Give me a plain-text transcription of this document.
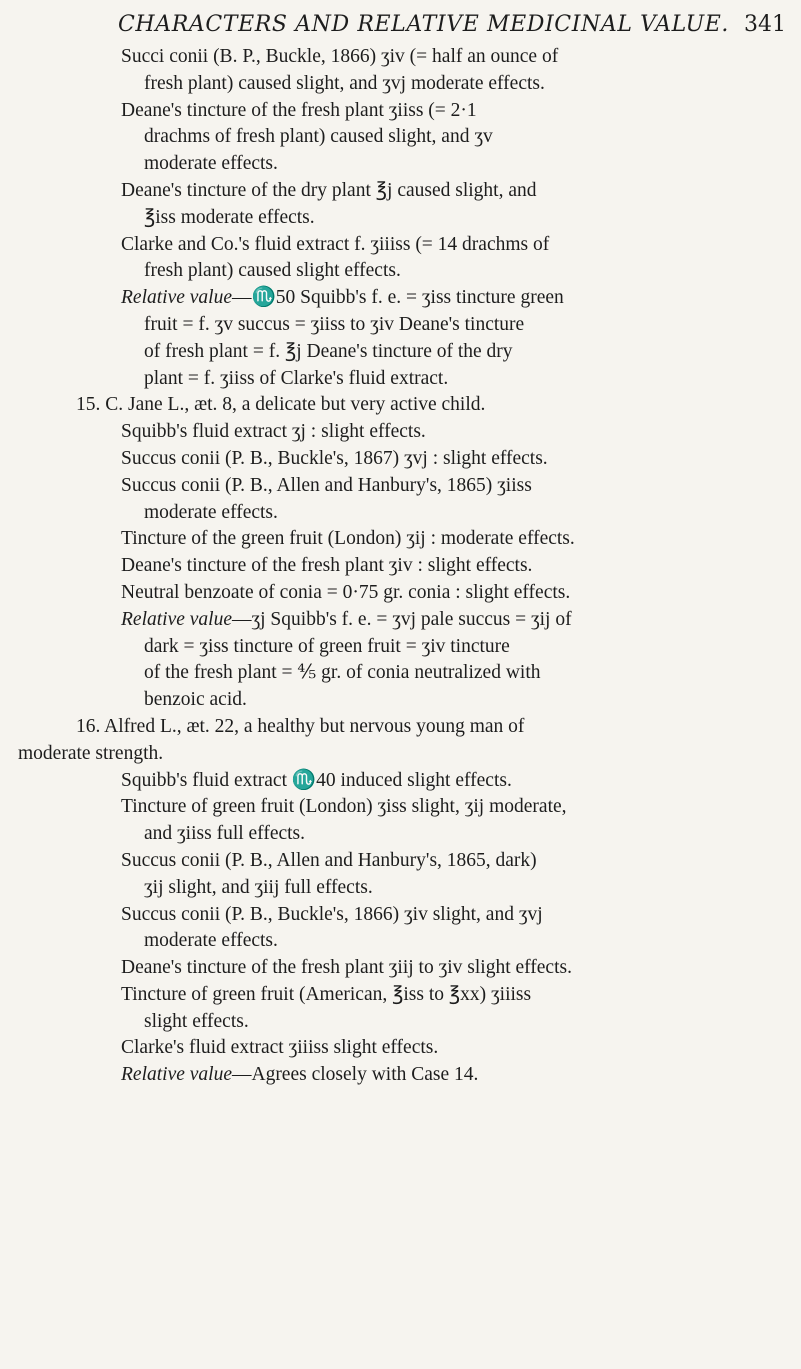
CHARACTERS AND RELATIVE MEDICINAL VALUE. 341
Succi conii (B. P., Buckle, 1866) ʒiv (= half an ounce of
fresh plant) caused slight, and ʒvj moderate effects.
Deane's tincture of the fresh plant ʒiiss (= 2·1
drachms of fresh plant) caused slight, and ʒv
moderate effects.
Deane's tincture of the dry plant ℥j caused slight, and
℥iss moderate effects.
Clarke and Co.'s fluid extract f. ʒiiiss (= 14 drachms of
fresh plant) caused slight effects.
Relative value—♏50 Squibb's f. e. = ʒiss tincture green
fruit = f. ʒv succus = ʒiiss to ʒiv Deane's tincture
of fresh plant = f. ℥j Deane's tincture of the dry
plant = f. ʒiiss of Clarke's fluid extract.
15. C. Jane L., æt. 8, a delicate but very active child.
Squibb's fluid extract ʒj : slight effects.
Succus conii (P. B., Buckle's, 1867) ʒvj : slight effects.
Succus conii (P. B., Allen and Hanbury's, 1865) ʒiiss
moderate effects.
Tincture of the green fruit (London) ʒij : moderate effects.
Deane's tincture of the fresh plant ʒiv : slight effects.
Neutral benzoate of conia = 0·75 gr. conia : slight effects.
Relative value—ʒj Squibb's f. e. = ʒvj pale succus = ʒij of
dark = ʒiss tincture of green fruit = ʒiv tincture
of the fresh plant = ⅘ gr. of conia neutralized with
benzoic acid.
16. Alfred L., æt. 22, a healthy but nervous young man of
moderate strength.
Squibb's fluid extract ♏40 induced slight effects.
Tincture of green fruit (London) ʒiss slight, ʒij moderate,
and ʒiiss full effects.
Succus conii (P. B., Allen and Hanbury's, 1865, dark)
ʒij slight, and ʒiij full effects.
Succus conii (P. B., Buckle's, 1866) ʒiv slight, and ʒvj
moderate effects.
Deane's tincture of the fresh plant ʒiij to ʒiv slight effects.
Tincture of green fruit (American, ℥iss to ℥xx) ʒiiiss
slight effects.
Clarke's fluid extract ʒiiiss slight effects.
Relative value—Agrees closely with Case 14.
